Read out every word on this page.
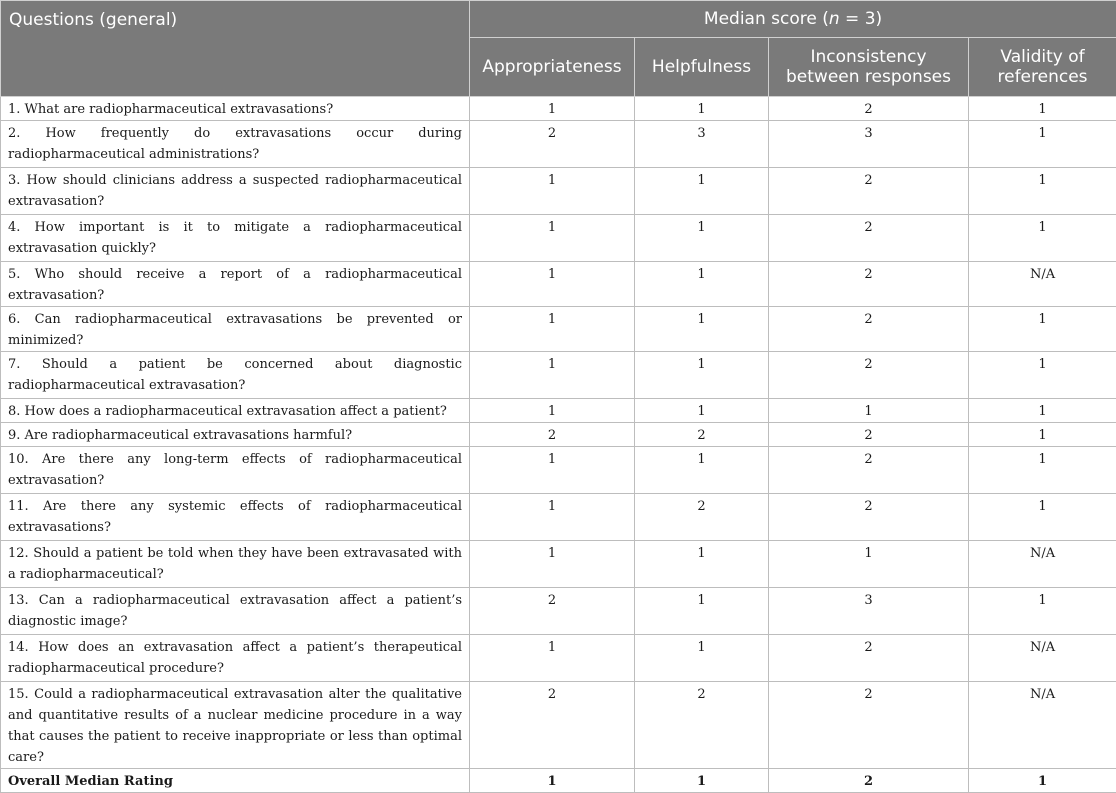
Questions (general)	Median score (n = 3)			
	Appropriateness	Helpfulness	Inconsistency between responses	Validity of references
1. What are radiopharmaceutical extravasations?	1	1	2	1
2. How frequently do extravasations occur during radiopharmaceutical administrations?	2	3	3	1
3. How should clinicians address a suspected radiopharmaceutical extravasation?	1	1	2	1
4. How important is it to mitigate a radiopharmaceutical extravasation quickly?	1	1	2	1
5. Who should receive a report of a radiopharmaceutical extravasation?	1	1	2	N/A
6. Can radiopharmaceutical extravasations be prevented or minimized?	1	1	2	1
7. Should a patient be concerned about diagnostic radiopharmaceutical extravasation?	1	1	2	1
8. How does a radiopharmaceutical extravasation affect a patient?	1	1	1	1
9. Are radiopharmaceutical extravasations harmful?	2	2	2	1
10. Are there any long-term effects of radiopharmaceutical extravasation?	1	1	2	1
11. Are there any systemic effects of radiopharmaceutical extravasations?	1	2	2	1
12. Should a patient be told when they have been extravasated with a radiopharmaceutical?	1	1	1	N/A
13. Can a radiopharmaceutical extravasation affect a patient’s diagnostic image?	2	1	3	1
14. How does an extravasation affect a patient’s therapeutical radiopharmaceutical procedure?	1	1	2	N/A
15. Could a radiopharmaceutical extravasation alter the qualitative and quantitative results of a nuclear medicine procedure in a way that causes the patient to receive inappropriate or less than optimal care?	2	2	2	N/A
Overall Median Rating	1	1	2	1
